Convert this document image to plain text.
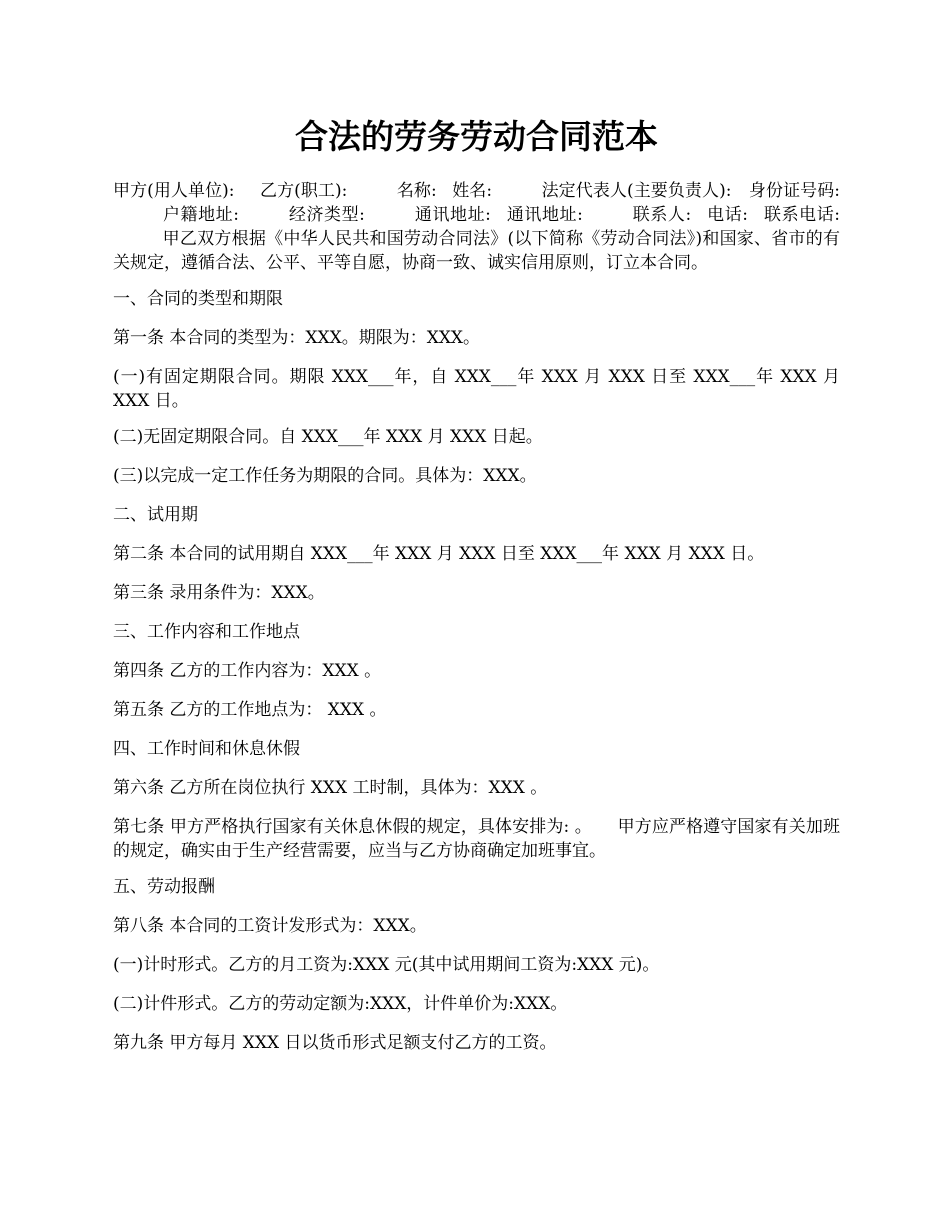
合法的劳务劳动合同范本

甲方(用人单位): 乙方(职工):	名称: 姓名:	法定代表人(主要负责人): 身份证号码: 户籍地址:	经济类型:	通讯地址: 通讯地址:	联系人: 电话: 联系电话: 甲乙双方根据《中华人民共和国劳动合同法》(以下简称《劳动合同法》)和国家、省市的有关规定，遵循合法、公平、平等自愿，协商一致、诚实信用原则，订立本合同。

一、合同的类型和期限

第一条 本合同的类型为：XXX。期限为：XXX。

(一)有固定期限合同。期限 XXX___年，自 XXX___年 XXX 月 XXX 日至 XXX___年 XXX 月 XXX 日。

(二)无固定期限合同。自 XXX___年 XXX 月 XXX 日起。

(三)以完成一定工作任务为期限的合同。具体为：XXX。

二、试用期

第二条 本合同的试用期自 XXX___年 XXX 月 XXX 日至 XXX___年 XXX 月 XXX 日。

第三条 录用条件为：XXX。

三、工作内容和工作地点

第四条 乙方的工作内容为：XXX 。

第五条 乙方的工作地点为： XXX 。

四、工作时间和休息休假

第六条 乙方所在岗位执行 XXX 工时制，具体为：XXX 。

第七条 甲方严格执行国家有关休息休假的规定，具体安排为: 。　　甲方应严格遵守国家有关加班的规定，确实由于生产经营需要，应当与乙方协商确定加班事宜。

五、劳动报酬

第八条 本合同的工资计发形式为：XXX。

(一)计时形式。乙方的月工资为:XXX 元(其中试用期间工资为:XXX 元)。

(二)计件形式。乙方的劳动定额为:XXX，计件单价为:XXX。

第九条 甲方每月 XXX 日以货币形式足额支付乙方的工资。
